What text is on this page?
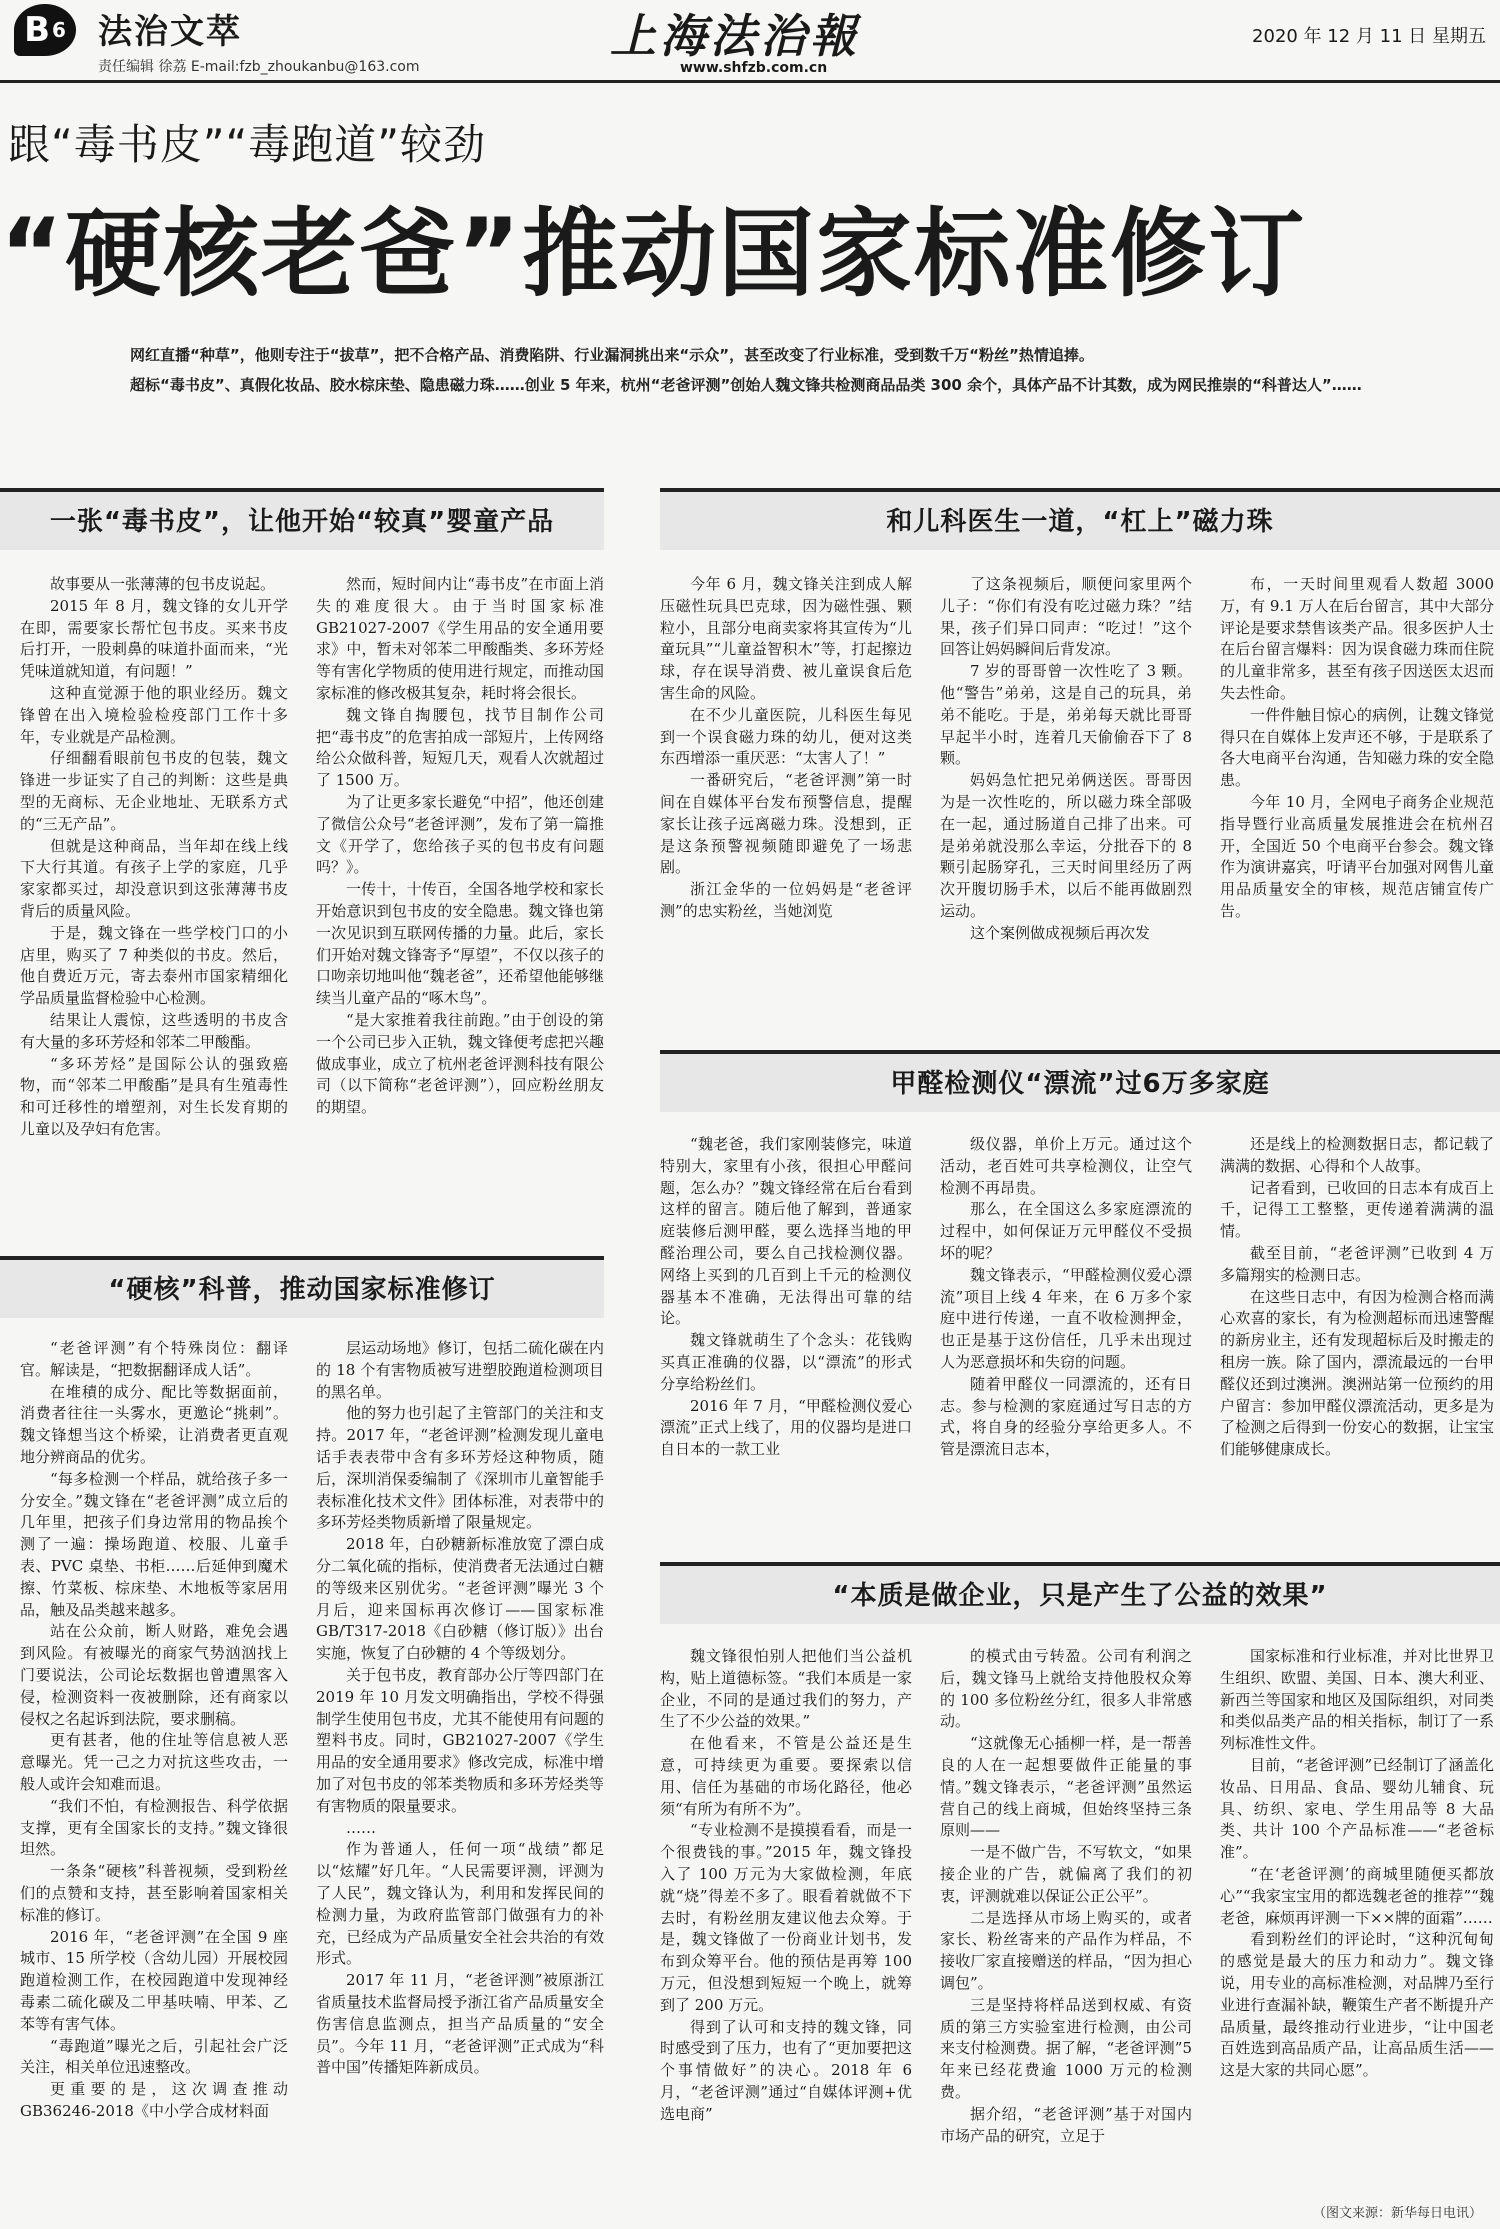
B 6 法治文萃
责任编辑 徐荔 E-mail:fzb_zhoukanbu@163.com
上海法治報
www.shfzb.com.cn
2020 年 12 月 11 日 星期五
跟“毒书皮”“毒跑道”较劲
“硬核老爸”推动国家标准修订

网红直播“种草”，他则专注于“拔草”，把不合格产品、消费陷阱、行业漏洞挑出来“示众”，甚至改变了行业标准，受到数千万“粉丝”热情追捧。

超标“毒书皮”、真假化妆品、胶水棕床垫、隐患磁力珠……创业 5 年来，杭州“老爸评测”创始人魏文锋共检测商品品类 300 余个，具体产品不计其数，成为网民推崇的“科普达人”……

一张“毒书皮”，让他开始“较真”婴童产品

故事要从一张薄薄的包书皮说起。

2015 年 8 月，魏文锋的女儿开学在即，需要家长帮忙包书皮。买来书皮后打开，一股刺鼻的味道扑面而来，“光凭味道就知道，有问题！”

这种直觉源于他的职业经历。魏文锋曾在出入境检验检疫部门工作十多年，专业就是产品检测。

仔细翻看眼前包书皮的包装，魏文锋进一步证实了自己的判断：这些是典型的无商标、无企业地址、无联系方式的“三无产品”。

但就是这种商品，当年却在线上线下大行其道。有孩子上学的家庭，几乎家家都买过，却没意识到这张薄薄书皮背后的质量风险。

于是，魏文锋在一些学校门口的小店里，购买了 7 种类似的书皮。然后，他自费近万元，寄去泰州市国家精细化学品质量监督检验中心检测。

结果让人震惊，这些透明的书皮含有大量的多环芳烃和邻苯二甲酸酯。

“多环芳烃”是国际公认的强致癌物，而“邻苯二甲酸酯”是具有生殖毒性和可迁移性的增塑剂，对生长发育期的儿童以及孕妇有危害。

然而，短时间内让“毒书皮”在市面上消失的难度很大。由于当时国家标准 GB21027-2007《学生用品的安全通用要求》中，暂未对邻苯二甲酸酯类、多环芳烃等有害化学物质的使用进行规定，而推动国家标准的修改极其复杂，耗时将会很长。

魏文锋自掏腰包，找节目制作公司把“毒书皮”的危害拍成一部短片，上传网络给公众做科普，短短几天，观看人次就超过了 1500 万。

为了让更多家长避免“中招”，他还创建了微信公众号“老爸评测”，发布了第一篇推文《开学了，您给孩子买的包书皮有问题吗？》。

一传十，十传百，全国各地学校和家长开始意识到包书皮的安全隐患。魏文锋也第一次见识到互联网传播的力量。此后，家长们开始对魏文锋寄予“厚望”，不仅以孩子的口吻亲切地叫他“魏老爸”，还希望他能够继续当儿童产品的“啄木鸟”。

“是大家推着我往前跑。”由于创设的第一个公司已步入正轨，魏文锋便考虑把兴趣做成事业，成立了杭州老爸评测科技有限公司（以下简称“老爸评测”），回应粉丝朋友的期望。

“硬核”科普，推动国家标准修订

“老爸评测”有个特殊岗位：翻译官。解读是，“把数据翻译成人话”。

在堆積的成分、配比等数据面前，消费者往往一头雾水，更邀论“挑刺”。魏文锋想当这个桥梁，让消费者更直观地分辨商品的优劣。

“每多检测一个样品，就给孩子多一分安全。”魏文锋在“老爸评测”成立后的几年里，把孩子们身边常用的物品挨个测了一遍：操场跑道、校服、儿童手表、PVC 桌垫、书柜……后延伸到魔术擦、竹菜板、棕床垫、木地板等家居用品，触及品类越来越多。

站在公众前，断人财路，难免会遇到风险。有被曝光的商家气势汹汹找上门要说法，公司论坛数据也曾遭黑客入侵，检测资料一夜被删除，还有商家以侵权之名起诉到法院，要求删稿。

更有甚者，他的住址等信息被人恶意曝光。凭一己之力对抗这些攻击，一般人或许会知难而退。

“我们不怕，有检测报告、科学依据支撑，更有全国家长的支持。”魏文锋很坦然。

一条条“硬核”科普视频，受到粉丝们的点赞和支持，甚至影响着国家相关标准的修订。

2016 年，“老爸评测”在全国 9 座城市、15 所学校（含幼儿园）开展校园跑道检测工作，在校园跑道中发现神经毒素二硫化碳及二甲基呋喃、甲苯、乙苯等有害气体。

“毒跑道”曝光之后，引起社会广泛关注，相关单位迅速整改。

更重要的是，这次调查推动 GB36246-2018《中小学合成材料面

层运动场地》修订，包括二硫化碳在内的 18 个有害物质被写进塑胶跑道检测项目的黑名单。

他的努力也引起了主管部门的关注和支持。2017 年，“老爸评测”检测发现儿童电话手表表带中含有多环芳烃这种物质，随后，深圳消保委编制了《深圳市儿童智能手表标准化技术文件》团体标准，对表带中的多环芳烃类物质新增了限量规定。

2018 年，白砂糖新标准放宽了漂白成分二氧化硫的指标，使消费者无法通过白糖的等级来区别优劣。“老爸评测”曝光 3 个月后，迎来国标再次修订——国家标准 GB/T317-2018《白砂糖（修订版）》出台实施，恢复了白砂糖的 4 个等级划分。

关于包书皮，教育部办公厅等四部门在 2019 年 10 月发文明确指出，学校不得强制学生使用包书皮，尤其不能使用有问题的塑料书皮。同时，GB21027-2007《学生用品的安全通用要求》修改完成，标准中增加了对包书皮的邻苯类物质和多环芳烃类等有害物质的限量要求。

……

作为普通人，任何一项“战绩”都足以“炫耀”好几年。“人民需要评测，评测为了人民”，魏文锋认为，利用和发挥民间的检测力量，为政府监管部门做强有力的补充，已经成为产品质量安全社会共治的有效形式。

2017 年 11 月，“老爸评测”被原浙江省质量技术监督局授予浙江省产品质量安全伤害信息监测点，担当产品质量的“安全员”。今年 11 月，“老爸评测”正式成为“科普中国”传播矩阵新成员。

和儿科医生一道，“杠上”磁力珠

今年 6 月，魏文锋关注到成人解压磁性玩具巴克球，因为磁性强、颗粒小，且部分电商卖家将其宣传为“儿童玩具”“儿童益智积木”等，打起擦边球，存在误导消费、被儿童误食后危害生命的风险。

在不少儿童医院，儿科医生每见到一个误食磁力珠的幼儿，便对这类东西增添一重厌恶：“太害人了！”

一番研究后，“老爸评测”第一时间在自媒体平台发布预警信息，提醒家长让孩子远离磁力珠。没想到，正是这条预警视频随即避免了一场悲剧。

浙江金华的一位妈妈是“老爸评测”的忠实粉丝，当她浏览

了这条视频后，顺便问家里两个儿子：“你们有没有吃过磁力珠？”结果，孩子们异口同声：“吃过！”这个回答让妈妈瞬间后背发凉。

7 岁的哥哥曾一次性吃了 3 颗。他“警告”弟弟，这是自己的玩具，弟弟不能吃。于是，弟弟每天就比哥哥早起半小时，连着几天偷偷吞下了 8 颗。

妈妈急忙把兄弟俩送医。哥哥因为是一次性吃的，所以磁力珠全部吸在一起，通过肠道自己排了出来。可是弟弟就没那么幸运，分批吞下的 8 颗引起肠穿孔，三天时间里经历了两次开腹切肠手术，以后不能再做剧烈运动。

这个案例做成视频后再次发

布，一天时间里观看人数超 3000 万，有 9.1 万人在后台留言，其中大部分评论是要求禁售该类产品。很多医护人士在后台留言爆料：因为误食磁力珠而住院的儿童非常多，甚至有孩子因送医太迟而失去性命。

一件件触目惊心的病例，让魏文锋觉得只在自媒体上发声还不够，于是联系了各大电商平台沟通，告知磁力珠的安全隐患。

今年 10 月，全网电子商务企业规范指导暨行业高质量发展推进会在杭州召开，全国近 50 个电商平台参会。魏文锋作为演讲嘉宾，吁请平台加强对网售儿童用品质量安全的审核，规范店铺宣传广告。

甲醛检测仪“漂流”过6万多家庭

“魏老爸，我们家刚装修完，味道特别大，家里有小孩，很担心甲醛问题，怎么办？”魏文锋经常在后台看到这样的留言。随后他了解到，普通家庭装修后测甲醛，要么选择当地的甲醛治理公司，要么自己找检测仪器。网络上买到的几百到上千元的检测仪器基本不准确，无法得出可靠的结论。

魏文锋就萌生了个念头：花钱购买真正准确的仪器，以“漂流”的形式分享给粉丝们。

2016 年 7 月，“甲醛检测仪爱心漂流”正式上线了，用的仪器均是进口自日本的一款工业

级仪器，单价上万元。通过这个活动，老百姓可共享检测仪，让空气检测不再昂贵。

那么，在全国这么多家庭漂流的过程中，如何保证万元甲醛仪不受损坏的呢？

魏文锋表示，“甲醛检测仪爱心漂流”项目上线 4 年来，在 6 万多个家庭中进行传递，一直不收检测押金，也正是基于这份信任，几乎未出现过人为恶意损坏和失窃的问题。

随着甲醛仪一同漂流的，还有日志。参与检测的家庭通过写日志的方式，将自身的经验分享给更多人。不管是漂流日志本，

还是线上的检测数据日志，都记载了满满的数据、心得和个人故事。

记者看到，已收回的日志本有成百上千，记得工工整整，更传递着满满的温情。

截至目前，“老爸评测”已收到 4 万多篇翔实的检测日志。

在这些日志中，有因为检测合格而满心欢喜的家长，有为检测超标而迅速警醒的新房业主，还有发现超标后及时搬走的租房一族。除了国内，漂流最远的一台甲醛仪还到过澳洲。澳洲站第一位预约的用户留言：参加甲醛仪漂流活动，更多是为了检测之后得到一份安心的数据，让宝宝们能够健康成长。

“本质是做企业，只是产生了公益的效果”

魏文锋很怕别人把他们当公益机构，贴上道德标签。“我们本质是一家企业，不同的是通过我们的努力，产生了不少公益的效果。”

在他看来，不管是公益还是生意，可持续更为重要。要探索以信用、信任为基础的市场化路径，他必须“有所为有所不为”。

“专业检测不是摸摸看看，而是一个很费钱的事。”2015 年，魏文锋投入了 100 万元为大家做检测，年底就“烧”得差不多了。眼看着就做不下去时，有粉丝朋友建议他去众筹。于是，魏文锋做了一份商业计划书，发布到众筹平台。他的预估是再筹 100 万元，但没想到短短一个晚上，就筹到了 200 万元。

得到了认可和支持的魏文锋，同时感受到了压力，也有了“更加要把这个事情做好”的决心。2018 年 6 月，“老爸评测”通过“自媒体评测+优选电商”

的模式由亏转盈。公司有利润之后，魏文锋马上就给支持他股权众筹的 100 多位粉丝分红，很多人非常感动。

“这就像无心插柳一样，是一帮善良的人在一起想要做件正能量的事情。”魏文锋表示，“老爸评测”虽然运营自己的线上商城，但始终坚持三条原则——

一是不做广告，不写软文，“如果接企业的广告，就偏离了我们的初衷，评测就难以保证公正公平”。

二是选择从市场上购买的，或者家长、粉丝寄来的产品作为样品，不接收厂家直接赠送的样品，“因为担心调包”。

三是坚持将样品送到权威、有资质的第三方实验室进行检测，由公司来支付检测费。据了解，“老爸评测”5 年来已经花费逾 1000 万元的检测费。

据介绍，“老爸评测”基于对国内市场产品的研究，立足于

国家标准和行业标准，并对比世界卫生组织、欧盟、美国、日本、澳大利亚、新西兰等国家和地区及国际组织，对同类和类似品类产品的相关指标，制订了一系列标准性文件。

目前，“老爸评测”已经制订了涵盖化妆品、日用品、食品、婴幼儿辅食、玩具、纺织、家电、学生用品等 8 大品类、共计 100 个产品标准——“老爸标准”。

“在‘老爸评测’的商城里随便买都放心”“我家宝宝用的都选魏老爸的推荐”“魏老爸，麻烦再评测一下××牌的面霜”……

看到粉丝们的评论时，“这种沉甸甸的感觉是最大的压力和动力”。魏文锋说，用专业的高标准检测，对品牌乃至行业进行查漏补缺，鞭策生产者不断提升产品质量，最终推动行业进步，“让中国老百姓选到高品质产品，让高品质生活——这是大家的共同心愿”。

（图文来源：新华每日电讯）
